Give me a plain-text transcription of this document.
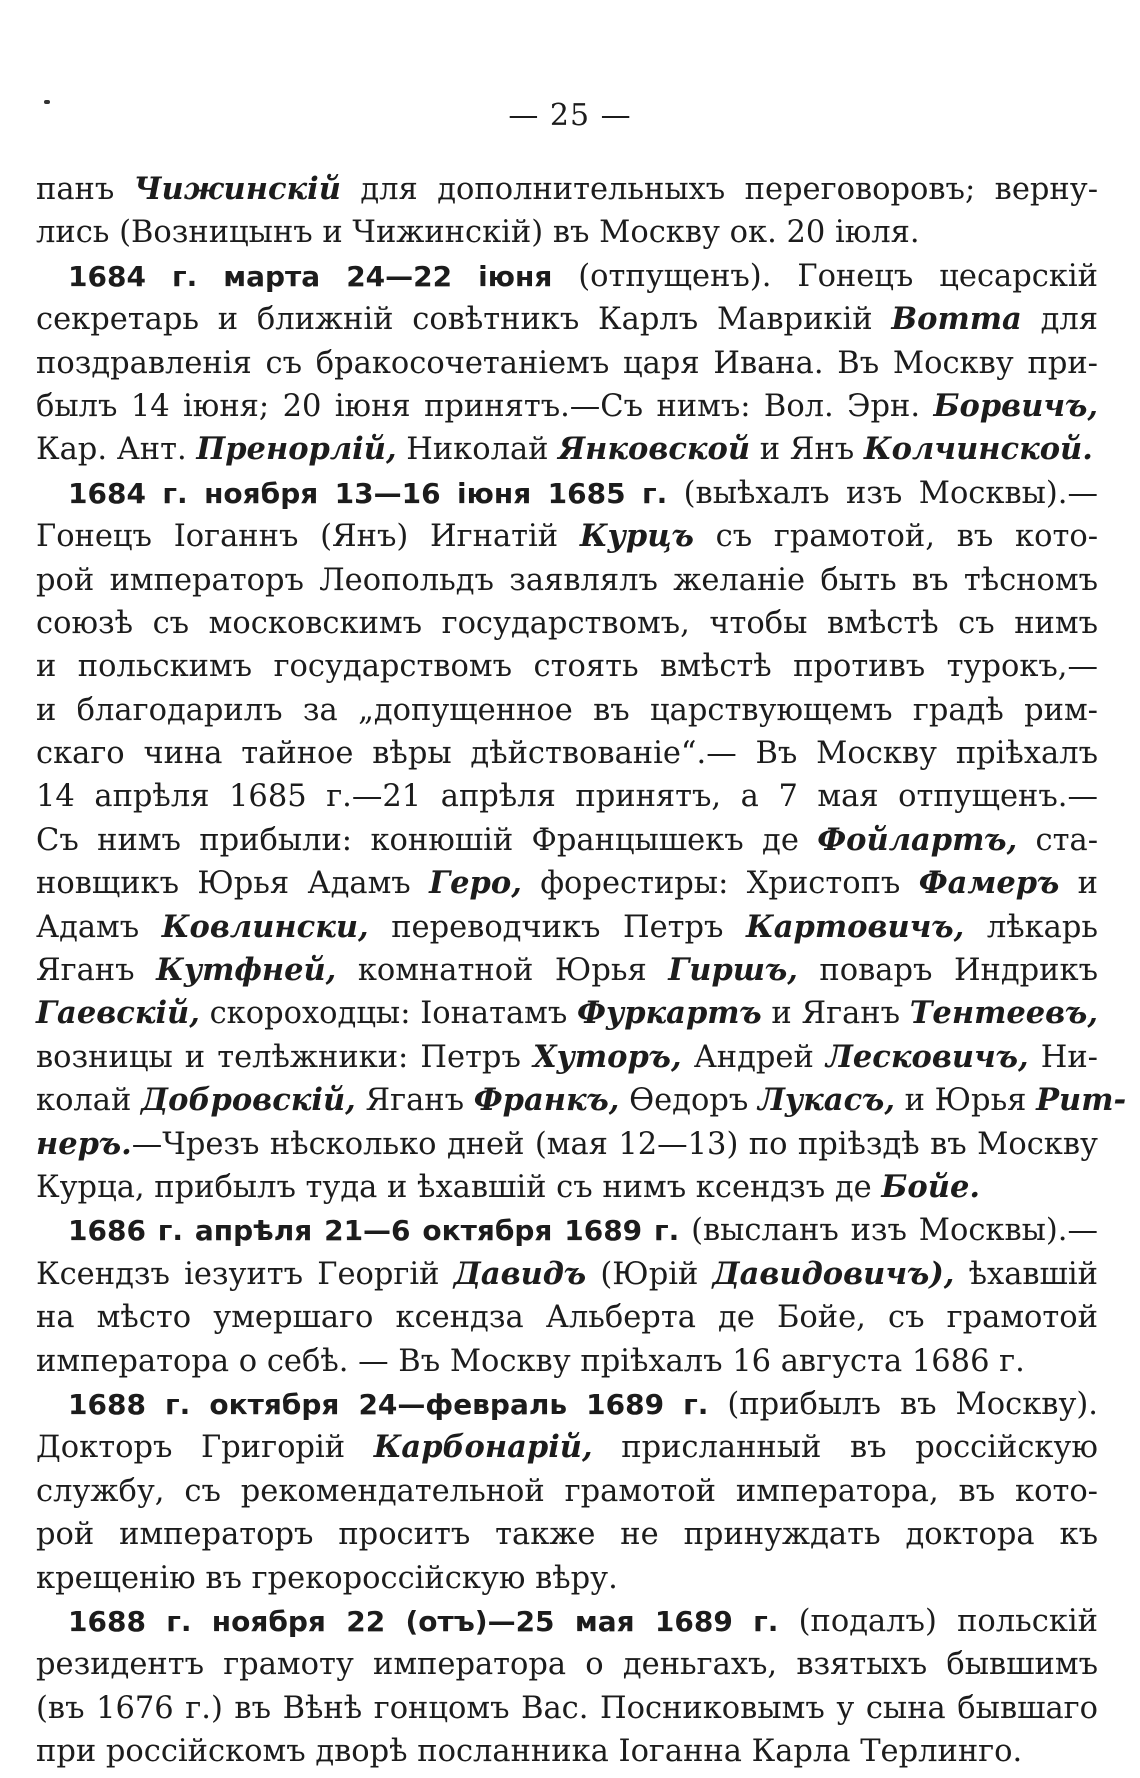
— 25 —
панъ Чижинскій для дополнительныхъ переговоровъ; верну-
лись (Возницынъ и Чижинскій) въ Москву ок. 20 іюля.
1684 г. марта 24—22 іюня (отпущенъ). Гонецъ цесарскій
секретарь и ближній совѣтникъ Карлъ Маврикій Вотта для
поздравленія съ бракосочетаніемъ царя Ивана. Въ Москву при-
былъ 14 іюня; 20 іюня принятъ.—Съ нимъ: Вол. Эрн. Борвичъ,
Кар. Ант. Пренорлій, Николай Янковской и Янъ Колчинской.
1684 г. ноября 13—16 іюня 1685 г. (выѣхалъ изъ Москвы).—
Гонецъ Іоганнъ (Янъ) Игнатій Курцъ съ грамотой, въ кото-
рой императоръ Леопольдъ заявлялъ желаніе быть въ тѣсномъ
союзѣ съ московскимъ государствомъ, чтобы вмѣстѣ съ нимъ
и польскимъ государствомъ стоять вмѣстѣ противъ турокъ,—
и благодарилъ за „допущенное въ царствующемъ градѣ рим-
скаго чина тайное вѣры дѣйствованіе“.— Въ Москву пріѣхалъ
14 апрѣля 1685 г.—21 апрѣля принятъ, а 7 мая отпущенъ.—
Съ нимъ прибыли: конюшій Францышекъ де Фойлартъ, ста-
новщикъ Юрья Адамъ Геро, форестиры: Христопъ Фамеръ и
Адамъ Ковлински, переводчикъ Петръ Картовичъ, лѣкарь
Яганъ Кутфней, комнатной Юрья Гиршъ, поваръ Индрикъ
Гаевскій, скороходцы: Іонатамъ Фуркартъ и Яганъ Тентеевъ,
возницы и телѣжники: Петръ Хуторъ, Андрей Лесковичъ, Ни-
колай Добровскій, Яганъ Франкъ, Ѳедоръ Лукасъ, и Юрья Рит-
неръ.—Чрезъ нѣсколько дней (мая 12—13) по пріѣздѣ въ Москву
Курца, прибылъ туда и ѣхавшій съ нимъ ксендзъ де Бойе.
1686 г. апрѣля 21—6 октября 1689 г. (высланъ изъ Москвы).—
Ксендзъ іезуитъ Георгій Давидъ (Юрій Давидовичъ), ѣхавшій
на мѣсто умершаго ксендза Альберта де Бойе, съ грамотой
императора о себѣ. — Въ Москву пріѣхалъ 16 августа 1686 г.
1688 г. октября 24—февраль 1689 г. (прибылъ въ Москву).
Докторъ Григорій Карбонарій, присланный въ россійскую
службу, съ рекомендательной грамотой императора, въ кото-
рой императоръ проситъ также не принуждать доктора къ
крещенію въ грекороссійскую вѣру.
1688 г. ноября 22 (отъ)—25 мая 1689 г. (подалъ) польскій
резидентъ грамоту императора о деньгахъ, взятыхъ бывшимъ
(въ 1676 г.) въ Вѣнѣ гонцомъ Вас. Посниковымъ у сына бывшаго
при россійскомъ дворѣ посланника Іоганна Карла Терлинго.
